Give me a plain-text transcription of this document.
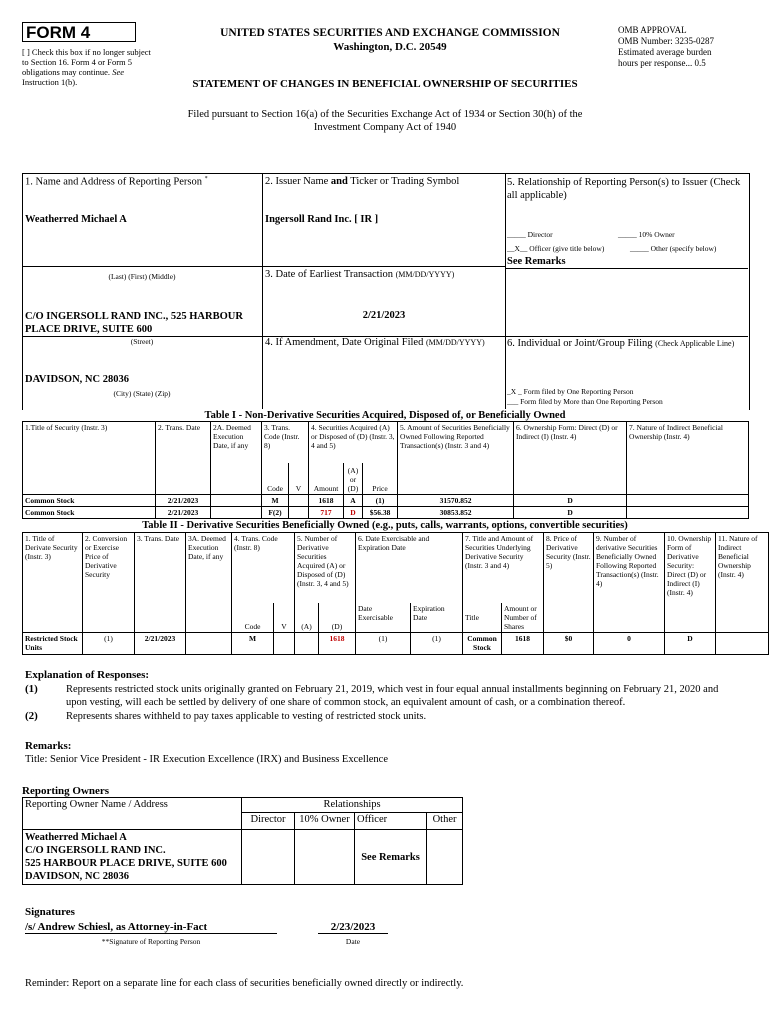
FORM 4
[ ] Check this box if no longer subject to Section 16. Form 4 or Form 5 obligations may continue. See Instruction 1(b).
UNITED STATES SECURITIES AND EXCHANGE COMMISSION
Washington, D.C. 20549
OMB APPROVAL
OMB Number: 3235-0287
Estimated average burden
hours per response... 0.5
STATEMENT OF CHANGES IN BENEFICIAL OWNERSHIP OF SECURITIES
Filed pursuant to Section 16(a) of the Securities Exchange Act of 1934 or Section 30(h) of the
Investment Company Act of 1940
1. Name and Address of Reporting Person *
Weatherred Michael A
(Last) (First) (Middle)
C/O INGERSOLL RAND INC., 525 HARBOUR PLACE DRIVE, SUITE 600
(Street)
DAVIDSON, NC 28036
(City) (State) (Zip)
2. Issuer Name and Ticker or Trading Symbol
Ingersoll Rand Inc. [ IR ]
3. Date of Earliest Transaction (MM/DD/YYYY)
2/21/2023
4. If Amendment, Date Original Filed (MM/DD/YYYY)
5. Relationship of Reporting Person(s) to Issuer (Check all applicable)
_____ Director	_____ 10% Owner
__X__ Officer (give title below)	_____ Other (specify below)
See Remarks
6. Individual or Joint/Group Filing (Check Applicable Line)
_X _ Form filed by One Reporting Person
___ Form filed by More than One Reporting Person
Table I - Non-Derivative Securities Acquired, Disposed of, or Beneficially Owned
1.Title of Security (Instr. 3)	2. Trans. Date	2A. Deemed Execution Date, if any	3. Trans. Code (Instr. 8)		4. Securities Acquired (A) or Disposed of (D) (Instr. 3, 4 and 5)			5. Amount of Securities Beneficially Owned Following Reported Transaction(s) (Instr. 3 and 4)	6. Ownership Form: Direct (D) or Indirect (I) (Instr. 4)	7. Nature of Indirect Beneficial Ownership (Instr. 4)
			Code	V	Amount	(A) or (D)	Price			
Common Stock	2/21/2023		M		1618	A	(1)	31570.852	D	
Common Stock	2/21/2023		F(2)		717	D	$56.38	30853.852	D	
Table II - Derivative Securities Beneficially Owned (e.g., puts, calls, warrants, options, convertible securities)
1. Title of Derivate Security (Instr. 3)	2. Conversion or Exercise Price of Derivative Security	3. Trans. Date	3A. Deemed Execution Date, if any	4. Trans. Code (Instr. 8)		5. Number of Derivative Securities Acquired (A) or Disposed of (D) (Instr. 3, 4 and 5)		6. Date Exercisable and Expiration Date		7. Title and Amount of Securities Underlying Derivative Security (Instr. 3 and 4)		8. Price of Derivative Security (Instr. 5)	9. Number of derivative Securities Beneficially Owned Following Reported Transaction(s) (Instr. 4)	10. Ownership Form of Derivative Security: Direct (D) or Indirect (I) (Instr. 4)	11. Nature of Indirect Beneficial Ownership (Instr. 4)
				Code	V	(A)	(D)	Date Exercisable	Expiration Date	Title	Amount or Number of Shares				
Restricted Stock Units	(1)	2/21/2023		M			1618	(1)	(1)	Common Stock	1618	$0	0	D	
Explanation of Responses:
(1)	Represents restricted stock units originally granted on February 21, 2019, which vest in four equal annual installments beginning on February 21, 2020 and upon vesting, will each be settled by delivery of one share of common stock, an equivalent amount of cash, or a combination thereof.
(2)	Represents shares withheld to pay taxes applicable to vesting of restricted stock units.
Remarks:
Title: Senior Vice President - IR Execution Excellence (IRX) and Business Excellence
Reporting Owners
Reporting Owner Name / Address	Relationships			
	Director	10% Owner	Officer	Other

Weatherred Michael A
C/O INGERSOLL RAND INC.
525 HARBOUR PLACE DRIVE, SUITE 600
DAVIDSON, NC 28036			See Remarks	
Signatures
/s/ Andrew Schiesl, as Attorney-in-Fact	2/23/2023
**Signature of Reporting Person	Date
Reminder: Report on a separate line for each class of securities beneficially owned directly or indirectly.
